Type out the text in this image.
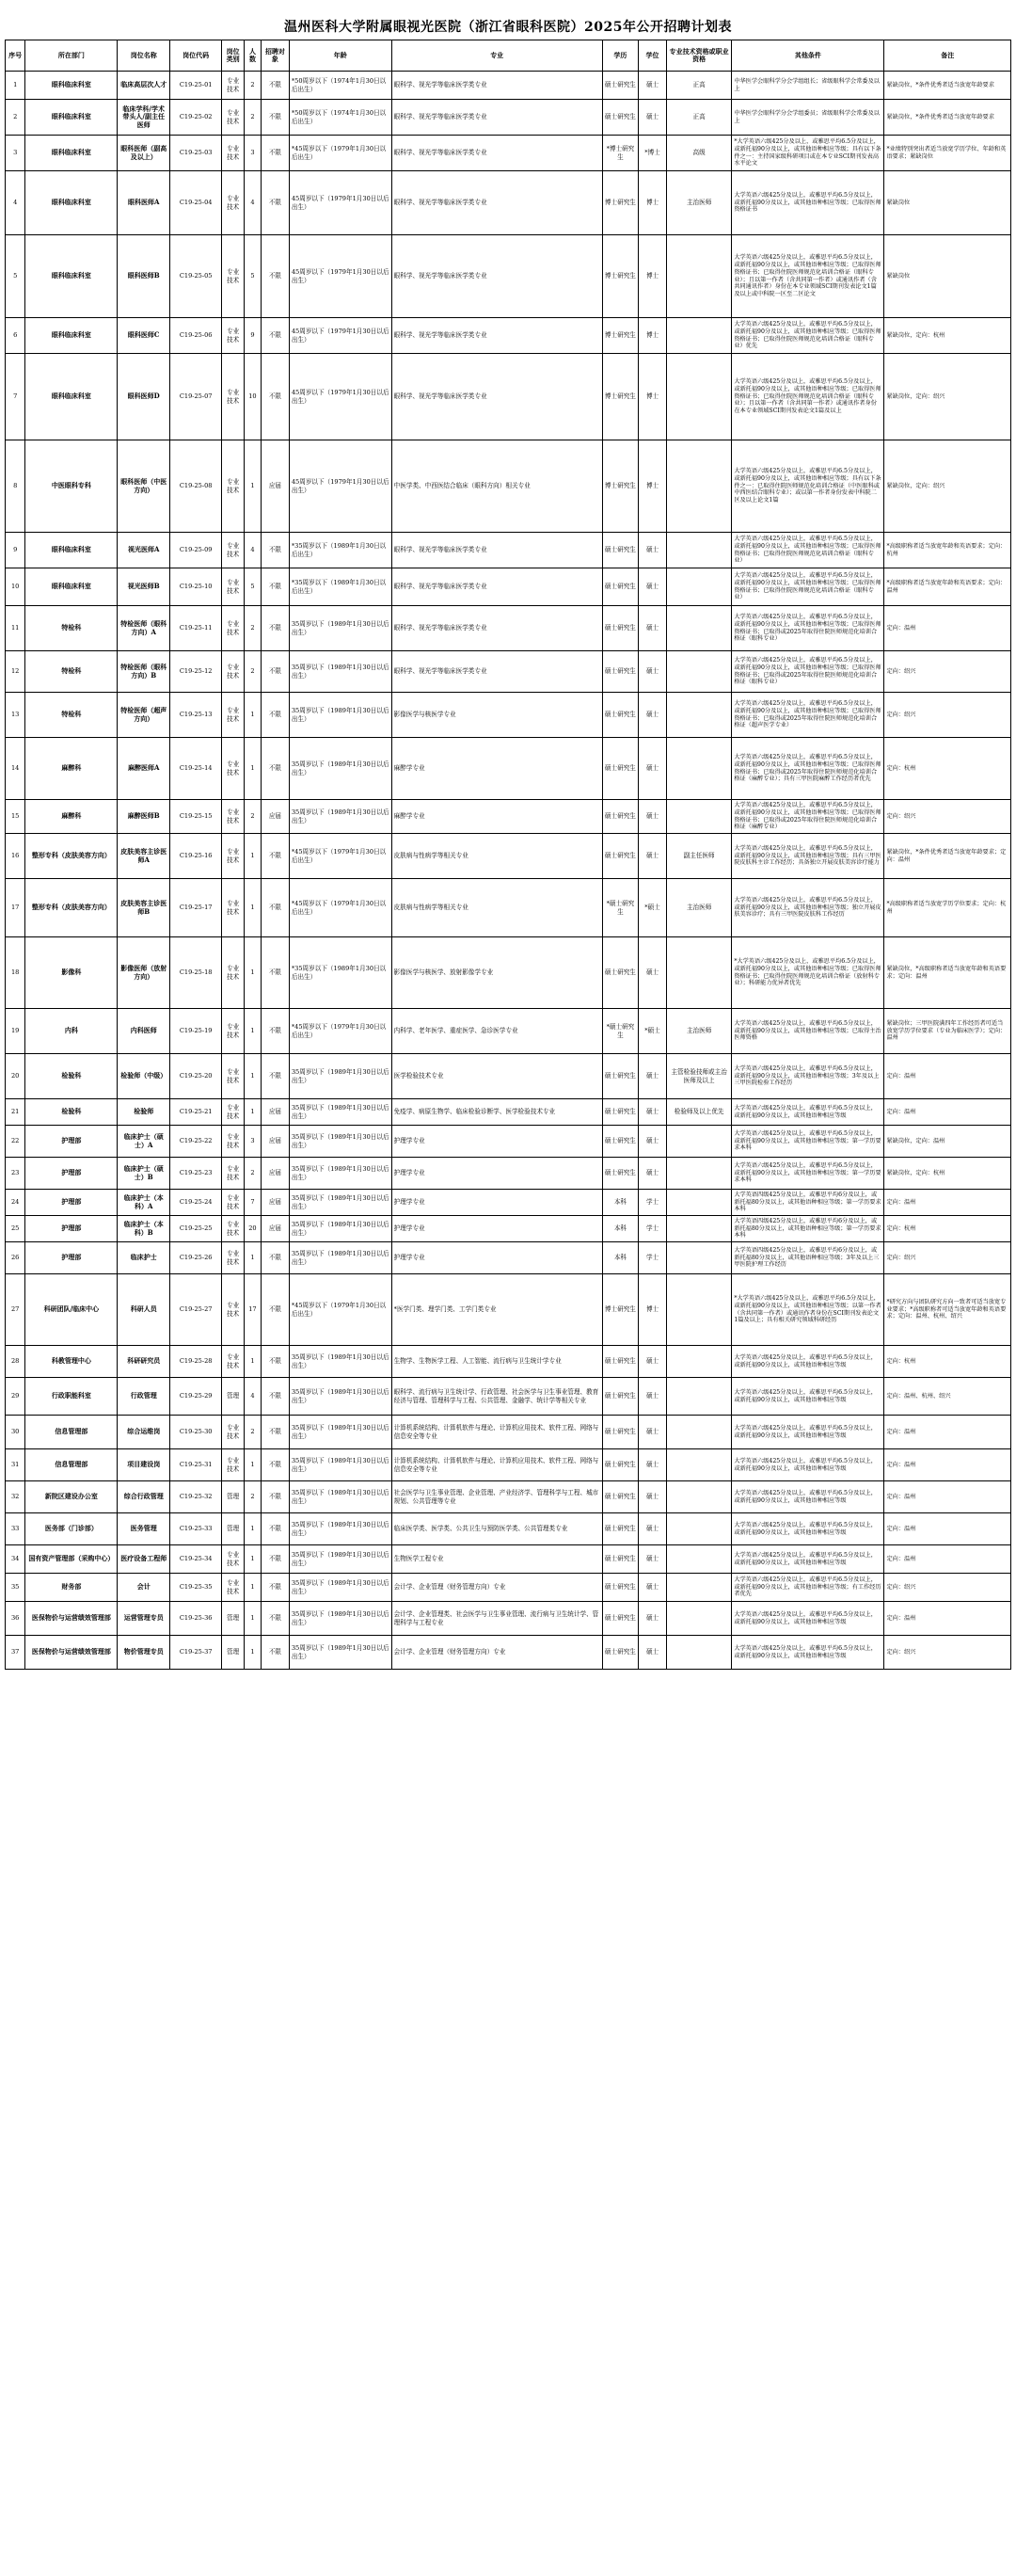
温州医科大学附属眼视光医院（浙江省眼科医院）2025年公开招聘计划表
序号	所在部门	岗位名称	岗位代码	岗位类别	人数	招聘对象	年龄	专业	学历	学位	专业技术资格或职业资格	其他条件	备注
1	眼科临床科室	临床高层次人才	C19-25-01	专业技术	2	不限	*50周岁以下（1974年1月30日以后出生）	眼科学、视光学等临床医学类专业	硕士研究生	硕士	正高	中华医学会眼科学分会学组组长；省级眼科学会常委及以上	紧缺岗位，*条件优秀者适当放宽年龄要求
2	眼科临床科室	临床学科/学术带头人/副主任医师	C19-25-02	专业技术	2	不限	*50周岁以下（1974年1月30日以后出生）	眼科学、视光学等临床医学类专业	硕士研究生	硕士	正高	中华医学会眼科学分会学组委员；省级眼科学会常委及以上	紧缺岗位，*条件优秀者适当放宽年龄要求
3	眼科临床科室	眼科医师（副高及以上）	C19-25-03	专业技术	3	不限	*45周岁以下（1979年1月30日以后出生）	眼科学、视光学等临床医学类专业	*博士研究生	*博士	高级	*大学英语六级425分及以上，或雅思平均6.5分及以上，或新托福90分及以上，或其他语种相应等级；具有以下条件之一：主持国家级科研项目或在本专业SCI期刊发表高水平论文	*业绩特别突出者适当放宽学历学位、年龄和英语要求；紧缺岗位
4	眼科临床科室	眼科医师A	C19-25-04	专业技术	4	不限	45周岁以下（1979年1月30日以后出生）	眼科学、视光学等临床医学类专业	博士研究生	博士	主治医师	大学英语六级425分及以上，或雅思平均6.5分及以上，或新托福90分及以上，或其他语种相应等级；已取得医师资格证书	紧缺岗位
5	眼科临床科室	眼科医师B	C19-25-05	专业技术	5	不限	45周岁以下（1979年1月30日以后出生）	眼科学、视光学等临床医学类专业	博士研究生	博士		大学英语六级425分及以上，或雅思平均6.5分及以上，或新托福90分及以上，或其他语种相应等级；已取得医师资格证书；已取得住院医师规范化培训合格证（眼科专业）；且以第一作者（含共同第一作者）或通讯作者（含共同通讯作者）身份在本专业领域SCI期刊发表论文1篇及以上或中科院一区至二区论文	紧缺岗位
6	眼科临床科室	眼科医师C	C19-25-06	专业技术	9	不限	45周岁以下（1979年1月30日以后出生）	眼科学、视光学等临床医学类专业	博士研究生	博士		大学英语六级425分及以上，或雅思平均6.5分及以上，或新托福90分及以上，或其他语种相应等级；已取得医师资格证书；已取得住院医师规范化培训合格证（眼科专业）优先	紧缺岗位，定向：杭州
7	眼科临床科室	眼科医师D	C19-25-07	专业技术	10	不限	45周岁以下（1979年1月30日以后出生）	眼科学、视光学等临床医学类专业	博士研究生	博士		大学英语六级425分及以上，或雅思平均6.5分及以上，或新托福90分及以上，或其他语种相应等级；已取得医师资格证书；已取得住院医师规范化培训合格证（眼科专业）；且以第一作者（含共同第一作者）或通讯作者身份在本专业领域SCI期刊发表论文1篇及以上	紧缺岗位，定向：绍兴
8	中医眼科专科	眼科医师（中医方向）	C19-25-08	专业技术	1	应届	45周岁以下（1979年1月30日以后出生）	中医学类、中西医结合临床（眼科方向）相关专业	博士研究生	博士		大学英语六级425分及以上，或雅思平均6.5分及以上，或新托福90分及以上，或其他语种相应等级；具有以下条件之一：已取得住院医师规范化培训合格证（中医眼科或中西医结合眼科专业）；或以第一作者身份发表中科院二区及以上论文1篇	紧缺岗位，定向：绍兴
9	眼科临床科室	视光医师A	C19-25-09	专业技术	4	不限	*35周岁以下（1989年1月30日以后出生）	眼科学、视光学等临床医学类专业	硕士研究生	硕士		大学英语六级425分及以上，或雅思平均6.5分及以上，或新托福90分及以上，或其他语种相应等级；已取得医师资格证书；已取得住院医师规范化培训合格证（眼科专业）	*高级职称者适当放宽年龄和英语要求；定向：杭州
10	眼科临床科室	视光医师B	C19-25-10	专业技术	5	不限	*35周岁以下（1989年1月30日以后出生）	眼科学、视光学等临床医学类专业	硕士研究生	硕士		大学英语六级425分及以上，或雅思平均6.5分及以上，或新托福90分及以上，或其他语种相应等级；已取得医师资格证书；已取得住院医师规范化培训合格证（眼科专业）	*高级职称者适当放宽年龄和英语要求；定向：温州
11	特检科	特检医师（眼科方向）A	C19-25-11	专业技术	2	不限	35周岁以下（1989年1月30日以后出生）	眼科学、视光学等临床医学类专业	硕士研究生	硕士		大学英语六级425分及以上，或雅思平均6.5分及以上，或新托福90分及以上，或其他语种相应等级；已取得医师资格证书；已取得或2025年取得住院医师规范化培训合格证（眼科专业）	定向：温州
12	特检科	特检医师（眼科方向）B	C19-25-12	专业技术	2	不限	35周岁以下（1989年1月30日以后出生）	眼科学、视光学等临床医学类专业	硕士研究生	硕士		大学英语六级425分及以上，或雅思平均6.5分及以上，或新托福90分及以上，或其他语种相应等级；已取得医师资格证书；已取得或2025年取得住院医师规范化培训合格证（眼科专业）	定向：绍兴
13	特检科	特检医师（超声方向）	C19-25-13	专业技术	1	不限	35周岁以下（1989年1月30日以后出生）	影像医学与核医学专业	硕士研究生	硕士		大学英语六级425分及以上，或雅思平均6.5分及以上，或新托福90分及以上，或其他语种相应等级；已取得医师资格证书；已取得或2025年取得住院医师规范化培训合格证（超声医学专业）	定向：绍兴
14	麻醉科	麻醉医师A	C19-25-14	专业技术	1	不限	35周岁以下（1989年1月30日以后出生）	麻醉学专业	硕士研究生	硕士		大学英语六级425分及以上，或雅思平均6.5分及以上，或新托福90分及以上，或其他语种相应等级；已取得医师资格证书；已取得或2025年取得住院医师规范化培训合格证（麻醉专业）；具有三甲医院麻醉工作经历者优先	定向：杭州
15	麻醉科	麻醉医师B	C19-25-15	专业技术	2	应届	35周岁以下（1989年1月30日以后出生）	麻醉学专业	硕士研究生	硕士		大学英语六级425分及以上，或雅思平均6.5分及以上，或新托福90分及以上，或其他语种相应等级；已取得医师资格证书；已取得或2025年取得住院医师规范化培训合格证（麻醉专业）	定向：绍兴
16	整形专科（皮肤美容方向）	皮肤美容主诊医师A	C19-25-16	专业技术	1	不限	*45周岁以下（1979年1月30日以后出生）	皮肤病与性病学等相关专业	硕士研究生	硕士	副主任医师	大学英语六级425分及以上，或雅思平均6.5分及以上，或新托福90分及以上，或其他语种相应等级；具有三甲医院皮肤科主诊工作经历；具备独立开展皮肤美容诊疗能力	紧缺岗位，*条件优秀者适当放宽年龄要求；定向：温州
17	整形专科（皮肤美容方向）	皮肤美容主诊医师B	C19-25-17	专业技术	1	不限	*45周岁以下（1979年1月30日以后出生）	皮肤病与性病学等相关专业	*硕士研究生	*硕士	主治医师	大学英语六级425分及以上，或雅思平均6.5分及以上，或新托福90分及以上，或其他语种相应等级；独立开展皮肤美容诊疗；具有三甲医院皮肤科工作经历	*高级职称者适当放宽学历学位要求；定向：杭州
18	影像科	影像医师（放射方向）	C19-25-18	专业技术	1	不限	*35周岁以下（1989年1月30日以后出生）	影像医学与核医学、放射影像学专业	硕士研究生	硕士		*大学英语六级425分及以上，或雅思平均6.5分及以上，或新托福90分及以上，或其他语种相应等级；已取得医师资格证书；已取得住院医师规范化培训合格证（放射科专业）；科研能力优异者优先	紧缺岗位，*高级职称者适当放宽年龄和英语要求；定向：温州
19	内科	内科医师	C19-25-19	专业技术	1	不限	*45周岁以下（1979年1月30日以后出生）	内科学、老年医学、重症医学、急诊医学专业	*硕士研究生	*硕士	主治医师	大学英语六级425分及以上，或雅思平均6.5分及以上，或新托福90分及以上，或其他语种相应等级；已取得主治医师资格	紧缺岗位；三甲医院满四年工作经历者可适当放宽学历学位要求（专业为临床医学）；定向：温州
20	检验科	检验师（中级）	C19-25-20	专业技术	1	不限	35周岁以下（1989年1月30日以后出生）	医学检验技术专业	硕士研究生	硕士	主管检验技师或主治医师及以上	大学英语六级425分及以上，或雅思平均6.5分及以上，或新托福90分及以上，或其他语种相应等级；3年及以上三甲医院检验工作经历	定向：温州
21	检验科	检验师	C19-25-21	专业技术	1	应届	35周岁以下（1989年1月30日以后出生）	免疫学、病原生物学、临床检验诊断学、医学检验技术专业	硕士研究生	硕士	检验师及以上优先	大学英语六级425分及以上，或雅思平均6.5分及以上，或新托福90分及以上，或其他语种相应等级	定向：温州
22	护理部	临床护士（硕士）A	C19-25-22	专业技术	3	应届	35周岁以下（1989年1月30日以后出生）	护理学专业	硕士研究生	硕士		大学英语六级425分及以上，或雅思平均6.5分及以上，或新托福90分及以上，或其他语种相应等级；第一学历要求本科	紧缺岗位，定向：温州
23	护理部	临床护士（硕士）B	C19-25-23	专业技术	2	应届	35周岁以下（1989年1月30日以后出生）	护理学专业	硕士研究生	硕士		大学英语六级425分及以上，或雅思平均6.5分及以上，或新托福90分及以上，或其他语种相应等级；第一学历要求本科	紧缺岗位，定向：杭州
24	护理部	临床护士（本科）A	C19-25-24	专业技术	7	应届	35周岁以下（1989年1月30日以后出生）	护理学专业	本科	学士		大学英语四级425分及以上，或雅思平均6分及以上，或新托福80分及以上，或其他语种相应等级；第一学历要求本科	定向：温州
25	护理部	临床护士（本科）B	C19-25-25	专业技术	20	应届	35周岁以下（1989年1月30日以后出生）	护理学专业	本科	学士		大学英语四级425分及以上，或雅思平均6分及以上，或新托福80分及以上，或其他语种相应等级；第一学历要求本科	定向：杭州
26	护理部	临床护士	C19-25-26	专业技术	1	不限	35周岁以下（1989年1月30日以后出生）	护理学专业	本科	学士		大学英语四级425分及以上，或雅思平均6分及以上，或新托福80分及以上，或其他语种相应等级；3年及以上三甲医院护理工作经历	定向：绍兴
27	科研团队/临床中心	科研人员	C19-25-27	专业技术	17	不限	*45周岁以下（1979年1月30日以后出生）	*医学门类、理学门类、工学门类专业	博士研究生	博士		*大学英语六级425分及以上，或雅思平均6.5分及以上，或新托福90分及以上，或其他语种相应等级；以第一作者（含共同第一作者）或通讯作者身份在SCI期刊发表论文1篇及以上；具有相关研究领域科研经历	*研究方向与团队研究方向一致者可适当放宽专业要求；*高级职称者可适当放宽年龄和英语要求；定向：温州、杭州、绍兴
28	科教管理中心	科研研究员	C19-25-28	专业技术	1	不限	35周岁以下（1989年1月30日以后出生）	生物学、生物医学工程、人工智能、流行病与卫生统计学专业	硕士研究生	硕士		大学英语六级425分及以上，或雅思平均6.5分及以上，或新托福90分及以上，或其他语种相应等级	定向：杭州
29	行政职能科室	行政管理	C19-25-29	管理	4	不限	35周岁以下（1989年1月30日以后出生）	眼科学、流行病与卫生统计学、行政管理、社会医学与卫生事业管理、教育经济与管理、管理科学与工程、公共管理、金融学、统计学等相关专业	硕士研究生	硕士		大学英语六级425分及以上，或雅思平均6.5分及以上，或新托福90分及以上，或其他语种相应等级	定向：温州、杭州、绍兴
30	信息管理部	综合运维岗	C19-25-30	专业技术	2	不限	35周岁以下（1989年1月30日以后出生）	计算机系统结构、计算机软件与理论、计算机应用技术、软件工程、网络与信息安全等专业	硕士研究生	硕士		大学英语六级425分及以上，或雅思平均6.5分及以上，或新托福90分及以上，或其他语种相应等级	定向：温州
31	信息管理部	项目建设岗	C19-25-31	专业技术	1	不限	35周岁以下（1989年1月30日以后出生）	计算机系统结构、计算机软件与理论、计算机应用技术、软件工程、网络与信息安全等专业	硕士研究生	硕士		大学英语六级425分及以上，或雅思平均6.5分及以上，或新托福90分及以上，或其他语种相应等级	定向：温州
32	新院区建设办公室	综合行政管理	C19-25-32	管理	2	不限	35周岁以下（1989年1月30日以后出生）	社会医学与卫生事业管理、企业管理、产业经济学、管理科学与工程、城市规划、公共管理等专业	硕士研究生	硕士		大学英语六级425分及以上，或雅思平均6.5分及以上，或新托福90分及以上，或其他语种相应等级	定向：温州
33	医务部（门诊部）	医务管理	C19-25-33	管理	1	不限	35周岁以下（1989年1月30日以后出生）	临床医学类、医学类、公共卫生与预防医学类、公共管理类专业	硕士研究生	硕士		大学英语六级425分及以上，或雅思平均6.5分及以上，或新托福90分及以上，或其他语种相应等级	定向：温州
34	国有资产管理部（采购中心）	医疗设备工程师	C19-25-34	专业技术	1	不限	35周岁以下（1989年1月30日以后出生）	生物医学工程专业	硕士研究生	硕士		大学英语六级425分及以上，或雅思平均6.5分及以上，或新托福90分及以上，或其他语种相应等级	定向：温州
35	财务部	会计	C19-25-35	专业技术	1	不限	35周岁以下（1989年1月30日以后出生）	会计学、企业管理（财务管理方向）专业	硕士研究生	硕士		大学英语六级425分及以上，或雅思平均6.5分及以上，或新托福90分及以上，或其他语种相应等级；有工作经历者优先	定向：绍兴
36	医保物价与运营绩效管理部	运营管理专员	C19-25-36	管理	1	不限	35周岁以下（1989年1月30日以后出生）	会计学、企业管理类、社会医学与卫生事业管理、流行病与卫生统计学、管理科学与工程专业	硕士研究生	硕士		大学英语六级425分及以上，或雅思平均6.5分及以上，或新托福90分及以上，或其他语种相应等级	定向：温州
37	医保物价与运营绩效管理部	物价管理专员	C19-25-37	管理	1	不限	35周岁以下（1989年1月30日以后出生）	会计学、企业管理（财务管理方向）专业	硕士研究生	硕士		大学英语六级425分及以上，或雅思平均6.5分及以上，或新托福90分及以上，或其他语种相应等级	定向：绍兴
